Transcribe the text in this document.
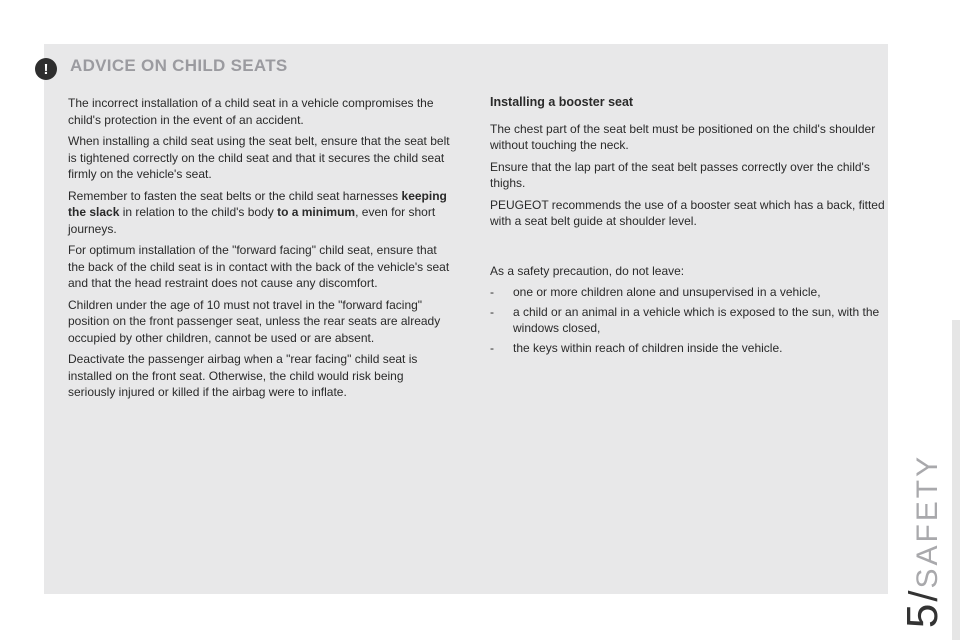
!	ADVICE ON CHILD SEATS

The incorrect installation of a child seat in a vehicle compromises the child's protection in the event of an accident.

When installing a child seat using the seat belt, ensure that the seat belt is tightened correctly on the child seat and that it secures the child seat firmly on the vehicle's seat.

Remember to fasten the seat belts or the child seat harnesses keeping the slack in relation to the child's body to a minimum, even for short journeys.

For optimum installation of the "forward facing" child seat, ensure that the back of the child seat is in contact with the back of the vehicle's seat and that the head restraint does not cause any discomfort.

Children under the age of 10 must not travel in the "forward facing" position on the front passenger seat, unless the rear seats are already occupied by other children, cannot be used or are absent.

Deactivate the passenger airbag when a "rear facing" child seat is installed on the front seat. Otherwise, the child would risk being seriously injured or killed if the airbag were to inflate.

Installing a booster seat

The chest part of the seat belt must be positioned on the child's shoulder without touching the neck.

Ensure that the lap part of the seat belt passes correctly over the child's thighs.

PEUGEOT recommends the use of a booster seat which has a back, fitted with a seat belt guide at shoulder level.

As a safety precaution, do not leave:

- one or more children alone and unsupervised in a vehicle,
- a child or an animal in a vehicle which is exposed to the sun, with the windows closed,
- the keys within reach of children inside the vehicle.
5
/
SAFETY
